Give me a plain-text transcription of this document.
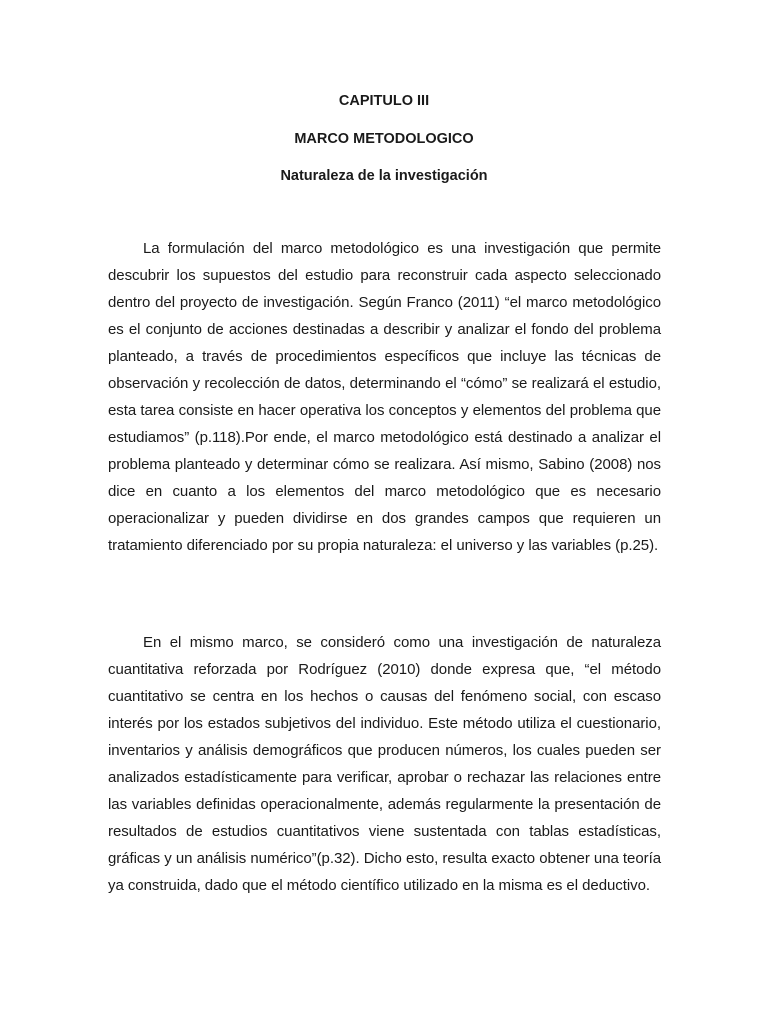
CAPITULO III
MARCO METODOLOGICO
Naturaleza de la investigación

La formulación del marco metodológico es una investigación que permite descubrir los supuestos del estudio para reconstruir cada aspecto seleccionado dentro del proyecto de investigación. Según Franco (2011) “el marco metodológico es el conjunto de acciones destinadas a describir y analizar el fondo del problema planteado, a través de procedimientos específicos que incluye las técnicas de observación y recolección de datos, determinando el “cómo” se realizará el estudio, esta tarea consiste en hacer operativa los conceptos y elementos del problema que estudiamos” (p.118).Por ende, el marco metodológico está destinado a analizar el problema planteado y determinar cómo se realizara. Así mismo, Sabino (2008) nos dice en cuanto a los elementos del marco metodológico que es necesario operacionalizar y pueden dividirse en dos grandes campos que requieren un tratamiento diferenciado por su propia naturaleza: el universo y las variables (p.25).

En el mismo marco, se consideró como una investigación de naturaleza cuantitativa reforzada por Rodríguez (2010) donde expresa que, “el método cuantitativo se centra en los hechos o causas del fenómeno social, con escaso interés por los estados subjetivos del individuo. Este método utiliza el cuestionario, inventarios y análisis demográficos que producen números, los cuales pueden ser analizados estadísticamente para verificar, aprobar o rechazar las relaciones entre las variables definidas operacionalmente, además regularmente la presentación de resultados de estudios cuantitativos viene sustentada con tablas estadísticas, gráficas y un análisis numérico”(p.32). Dicho esto, resulta exacto obtener una teoría ya construida, dado que el método científico utilizado en la misma es el deductivo.
